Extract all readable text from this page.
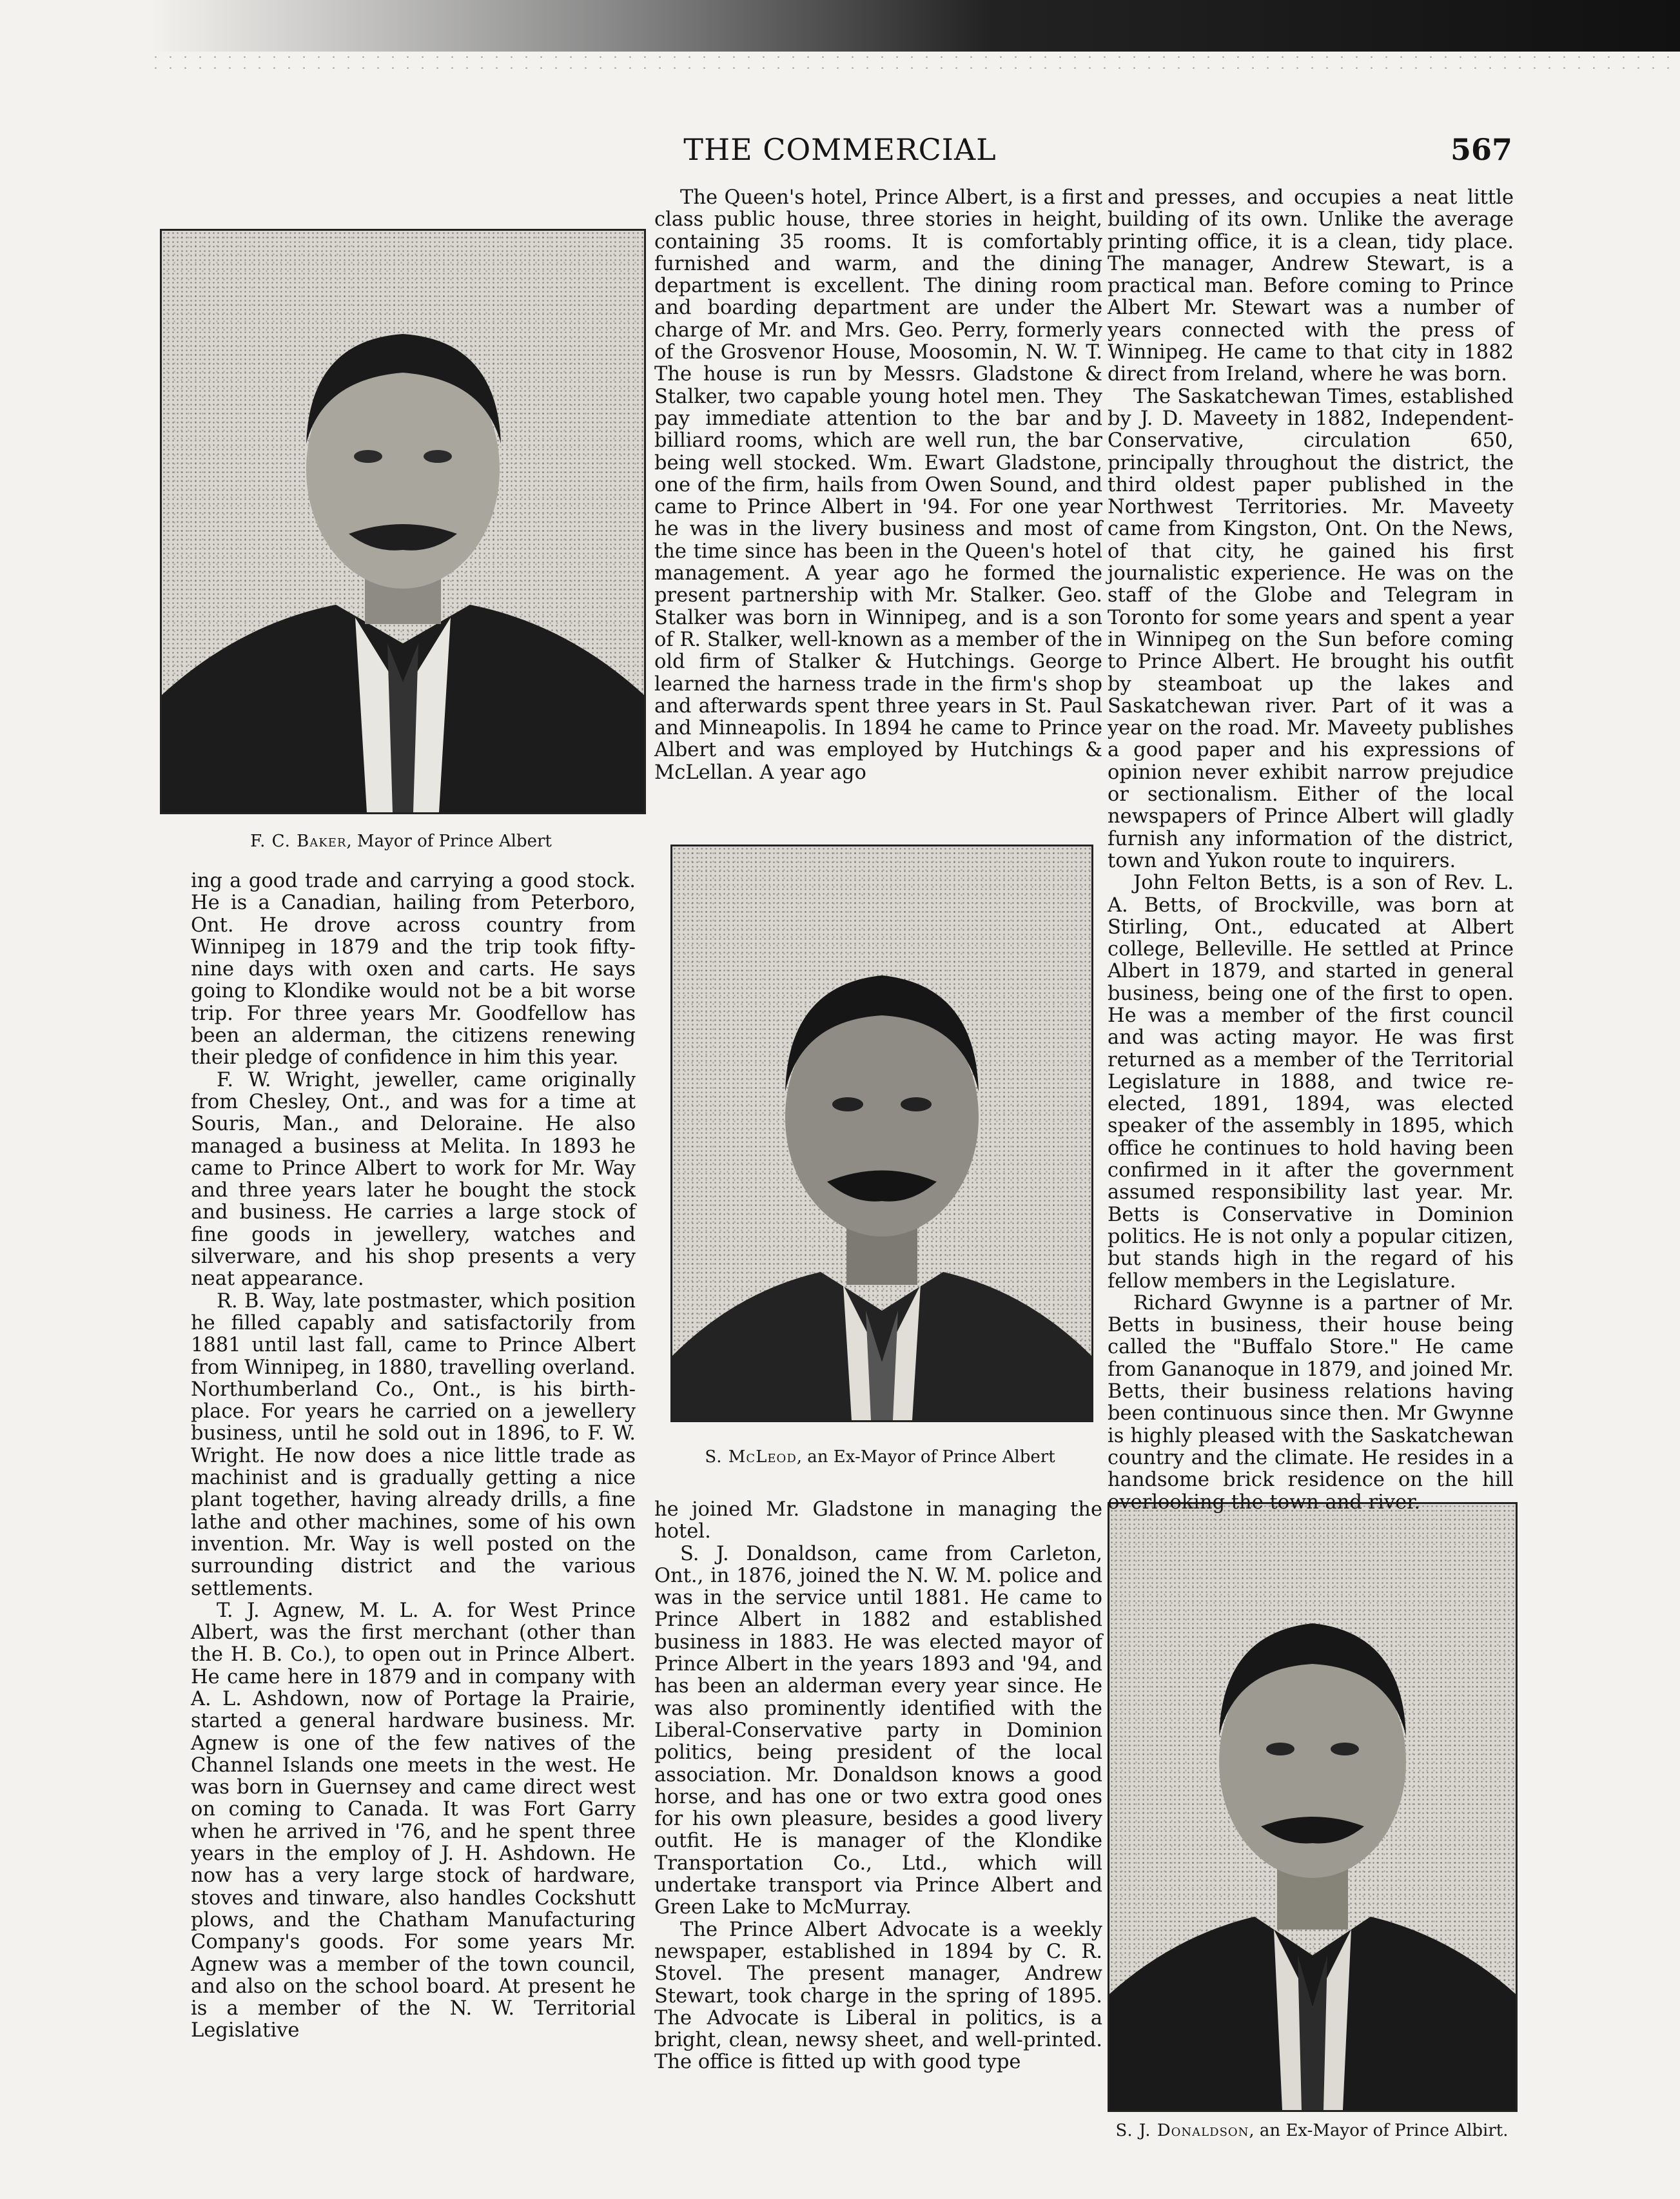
THE COMMERCIAL	567
F. C. Baker, Mayor of Prince Albert
S. McLeod, an Ex-Mayor of Prince Albert
S. J. Donaldson, an Ex-Mayor of Prince Albirt.

ing a good trade and carrying a good stock. He is a Canadian, hailing from Peterboro, Ont. He drove across country from Winnipeg in 1879 and the trip took fifty-nine days with oxen and carts. He says going to Klondike would not be a bit worse trip. For three years Mr. Goodfellow has been an alderman, the citizens renewing their pledge of confidence in him this year.

F. W. Wright, jeweller, came originally from Chesley, Ont., and was for a time at Souris, Man., and Deloraine. He also managed a business at Melita. In 1893 he came to Prince Albert to work for Mr. Way and three years later he bought the stock and business. He carries a large stock of fine goods in jewellery, watches and silverware, and his shop presents a very neat appearance.

R. B. Way, late postmaster, which position he filled capably and satisfactorily from 1881 until last fall, came to Prince Albert from Winnipeg, in 1880, travelling overland. Northumberland Co., Ont., is his birth-place. For years he carried on a jewellery business, until he sold out in 1896, to F. W. Wright. He now does a nice little trade as machinist and is gradually getting a nice plant together, having already drills, a fine lathe and other machines, some of his own invention. Mr. Way is well posted on the surrounding district and the various settlements.

T. J. Agnew, M. L. A. for West Prince Albert, was the first merchant (other than the H. B. Co.), to open out in Prince Albert. He came here in 1879 and in company with A. L. Ashdown, now of Portage la Prairie, started a general hardware business. Mr. Agnew is one of the few natives of the Channel Islands one meets in the west. He was born in Guernsey and came direct west on coming to Canada. It was Fort Garry when he arrived in '76, and he spent three years in the employ of J. H. Ashdown. He now has a very large stock of hardware, stoves and tinware, also handles Cockshutt plows, and the Chatham Manufacturing Company's goods. For some years Mr. Agnew was a member of the town council, and also on the school board. At present he is a member of the N. W. Territorial Legislative

The Queen's hotel, Prince Albert, is a first class public house, three stories in height, containing 35 rooms. It is comfortably furnished and warm, and the dining department is excellent. The dining room and boarding department are under the charge of Mr. and Mrs. Geo. Perry, formerly of the Grosvenor House, Moosomin, N. W. T. The house is run by Messrs. Gladstone & Stalker, two capable young hotel men. They pay immediate attention to the bar and billiard rooms, which are well run, the bar being well stocked. Wm. Ewart Gladstone, one of the firm, hails from Owen Sound, and came to Prince Albert in '94. For one year he was in the livery business and most of the time since has been in the Queen's hotel management. A year ago he formed the present partnership with Mr. Stalker. Geo. Stalker was born in Winnipeg, and is a son of R. Stalker, well-known as a member of the old firm of Stalker & Hutchings. George learned the harness trade in the firm's shop and afterwards spent three years in St. Paul and Minneapolis. In 1894 he came to Prince Albert and was employed by Hutchings & McLellan. A year ago

he joined Mr. Gladstone in managing the hotel.

S. J. Donaldson, came from Carleton, Ont., in 1876, joined the N. W. M. police and was in the service until 1881. He came to Prince Albert in 1882 and established business in 1883. He was elected mayor of Prince Albert in the years 1893 and '94, and has been an alderman every year since. He was also prominently identified with the Liberal-Conservative party in Dominion politics, being president of the local association. Mr. Donaldson knows a good horse, and has one or two extra good ones for his own pleasure, besides a good livery outfit. He is manager of the Klondike Transportation Co., Ltd., which will undertake transport via Prince Albert and Green Lake to McMurray.

The Prince Albert Advocate is a weekly newspaper, established in 1894 by C. R. Stovel. The present manager, Andrew Stewart, took charge in the spring of 1895. The Advocate is Liberal in politics, is a bright, clean, newsy sheet, and well-printed. The office is fitted up with good type

and presses, and occupies a neat little building of its own. Unlike the average printing office, it is a clean, tidy place. The manager, Andrew Stewart, is a practical man. Before coming to Prince Albert Mr. Stewart was a number of years connected with the press of Winnipeg. He came to that city in 1882 direct from Ireland, where he was born.

The Saskatchewan Times, established by J. D. Maveety in 1882, Independent-Conservative, circulation 650, principally throughout the district, the third oldest paper published in the Northwest Territories. Mr. Maveety came from Kingston, Ont. On the News, of that city, he gained his first journalistic experience. He was on the staff of the Globe and Telegram in Toronto for some years and spent a year in Winnipeg on the Sun before coming to Prince Albert. He brought his outfit by steamboat up the lakes and Saskatchewan river. Part of it was a year on the road. Mr. Maveety publishes a good paper and his expressions of opinion never exhibit narrow prejudice or sectionalism. Either of the local newspapers of Prince Albert will gladly furnish any information of the district, town and Yukon route to inquirers.

John Felton Betts, is a son of Rev. L. A. Betts, of Brockville, was born at Stirling, Ont., educated at Albert college, Belleville. He settled at Prince Albert in 1879, and started in general business, being one of the first to open. He was a member of the first council and was acting mayor. He was first returned as a member of the Territorial Legislature in 1888, and twice re-elected, 1891, 1894, was elected speaker of the assembly in 1895, which office he continues to hold having been confirmed in it after the government assumed responsibility last year. Mr. Betts is Conservative in Dominion politics. He is not only a popular citizen, but stands high in the regard of his fellow members in the Legislature.

Richard Gwynne is a partner of Mr. Betts in business, their house being called the "Buffalo Store." He came from Gananoque in 1879, and joined Mr. Betts, their business relations having been continuous since then. Mr Gwynne is highly pleased with the Saskatchewan country and the climate. He resides in a handsome brick residence on the hill overlooking the town and river.
